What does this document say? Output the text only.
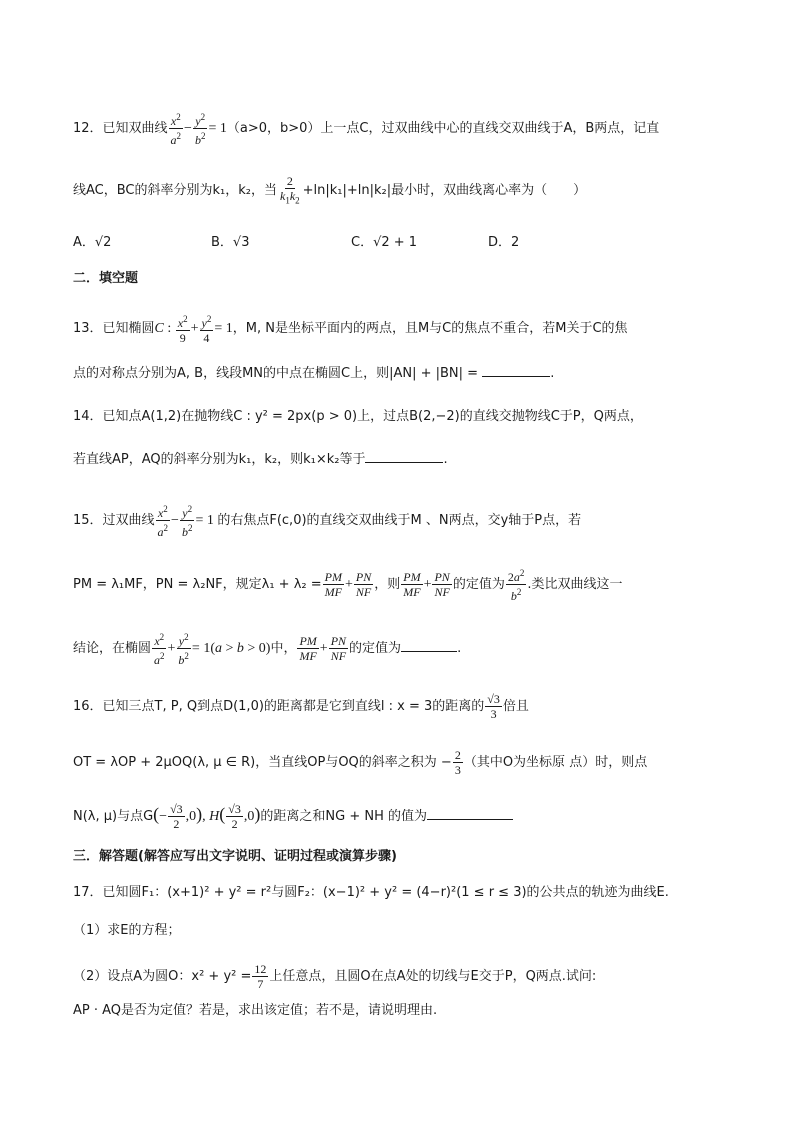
12．已知双曲线 $\frac{x^2}{a^2} - \frac{y^2}{b^2} = 1(a>0$，b>0）上一点C，过双曲线中心的直线交双曲线于A，B两点，记直
线AC，BC的斜率分别为k₁，k₂，当 $\frac{2}{k_1k_2} +\ln|k_1|+\ln|k_2|$最小时，双曲线离心率为（　　）
A．√2	B．√3	C．√2 + 1	D．2
二．填空题
13．已知椭圆C : $\frac{x^2}{9} + \frac{y^2}{4} = 1$，M, N是坐标平面内的两点，且M与C的焦点不重合，若M关于C的焦
点的对称点分别为A, B，线段MN的中点在椭圆C上，则|AN| + |BN| =	.
14．已知点A(1,2)在抛物线C : y² = 2px(p > 0)上，过点B(2,−2)的直线交抛物线C于P，Q两点，
若直线AP，AQ的斜率分别为k₁，k₂，则k₁×k₂等于	.
15．过双曲线 $\frac{x^2}{a^2} - \frac{y^2}{b^2} = 1$ 的右焦点F(c,0)的直线交双曲线于M 、N两点，交y轴于P点，若
PM = λ₁MF，PN = λ₂NF，规定$\lambda_1 + \lambda_2 = \frac{PM}{MF} + \frac{PN}{NF}$ ，则 $\frac{PM}{MF} + \frac{PN}{NF}$ 的定值为 $\frac{2a^2}{b^2}$ .类比双曲线这一
结论，在椭圆 $\frac{x^2}{a^2} + \frac{y^2}{b^2} = 1(a > b > 0)$中， $\frac{PM}{MF} + \frac{PN}{NF}$ 的定值为	.
16．已知三点T, P, Q到点D(1,0)的距离都是它到直线l : x = 3的距离的 $\frac{√3}{3}$ 倍且
OT = λOP + 2μOQ(λ, μ ∈ R)，当直线OP与OQ的斜率之积为 − $\frac{2}{3}$ （其中O为坐标原 点）时，则点
N(λ, μ)与点$G(- \frac{√3}{2} ,0)$, $H( \frac{√3}{2} ,0)$的距离之和NG + NH 的值为
三．解答题(解答应写出文字说明、证明过程或演算步骤)
17．已知圆F₁：(x+1)² + y² = r²与圆F₂：(x−1)² + y² = (4−r)²(1 ≤ r ≤ 3)的公共点的轨迹为曲线E.
（1）求E的方程；
（2）设点A为圆O：$x^2 + y^2 = \frac{12}{7}$ 上任意点，且圆O在点A处的切线与E交于P，Q两点.试问:
AP · AQ是否为定值？若是，求出该定值；若不是，请说明理由.
